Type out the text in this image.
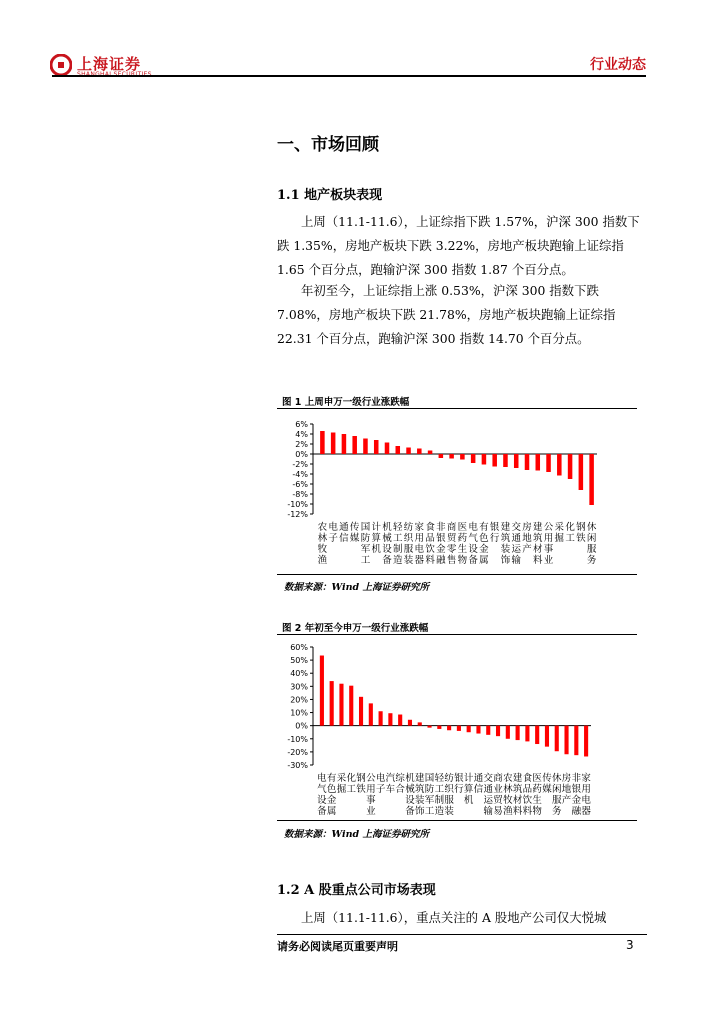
上海证券	行业动态
一、市场回顾
1.1 地产板块表现
上周（11.1-11.6），上证综指下跌 1.57%，沪深 300 指数下跌 1.35%，房地产板块下跌 3.22%，房地产板块跑输上证综指 1.65 个百分点，跑输沪深 300 指数 1.87 个百分点。
年初至今，上证综指上涨 0.53%，沪深 300 指数下跌 7.08%，房地产板块下跌 21.78%，房地产板块跑输上证综指 22.31 个百分点，跑输沪深 300 指数 14.70 个百分点。
图 1 上周申万一级行业涨跌幅
-12%
-10%
-8%
-6%
-4%
-2%
0%
2%
4%
6%
农林牧渔
电子
通信
传媒
国防军工
计算机
机械设备
轻工制造
纺织服装
家用电器
食品饮料
非银金融
商贸零售
医药生物
电气设备
有色金属
银行
建筑装饰
交通运输
房地产
建筑材料
公用事业
采掘
化工
钢铁
休闲服务
数据来源：Wind 上海证券研究所
图 2 年初至今申万一级行业涨跌幅
-30%
-20%
-10%
0%
10%
20%
30%
40%
50%
60%
电气设备
有色金属
采掘
化工
钢铁
公用事业
电子
汽车
综合
机械设备
建筑装饰
国防军工
轻工制造
纺织服装
银行
计算机
通信
交通运输
商业贸易
农林牧渔
建筑材料
食品饮料
医药生物
传媒
休闲服务
房地产
非银金融
家用电器
数据来源：Wind 上海证券研究所
1.2 A 股重点公司市场表现
上周（11.1-11.6），重点关注的 A 股地产公司仅大悦城
请务必阅读尾页重要声明	3
